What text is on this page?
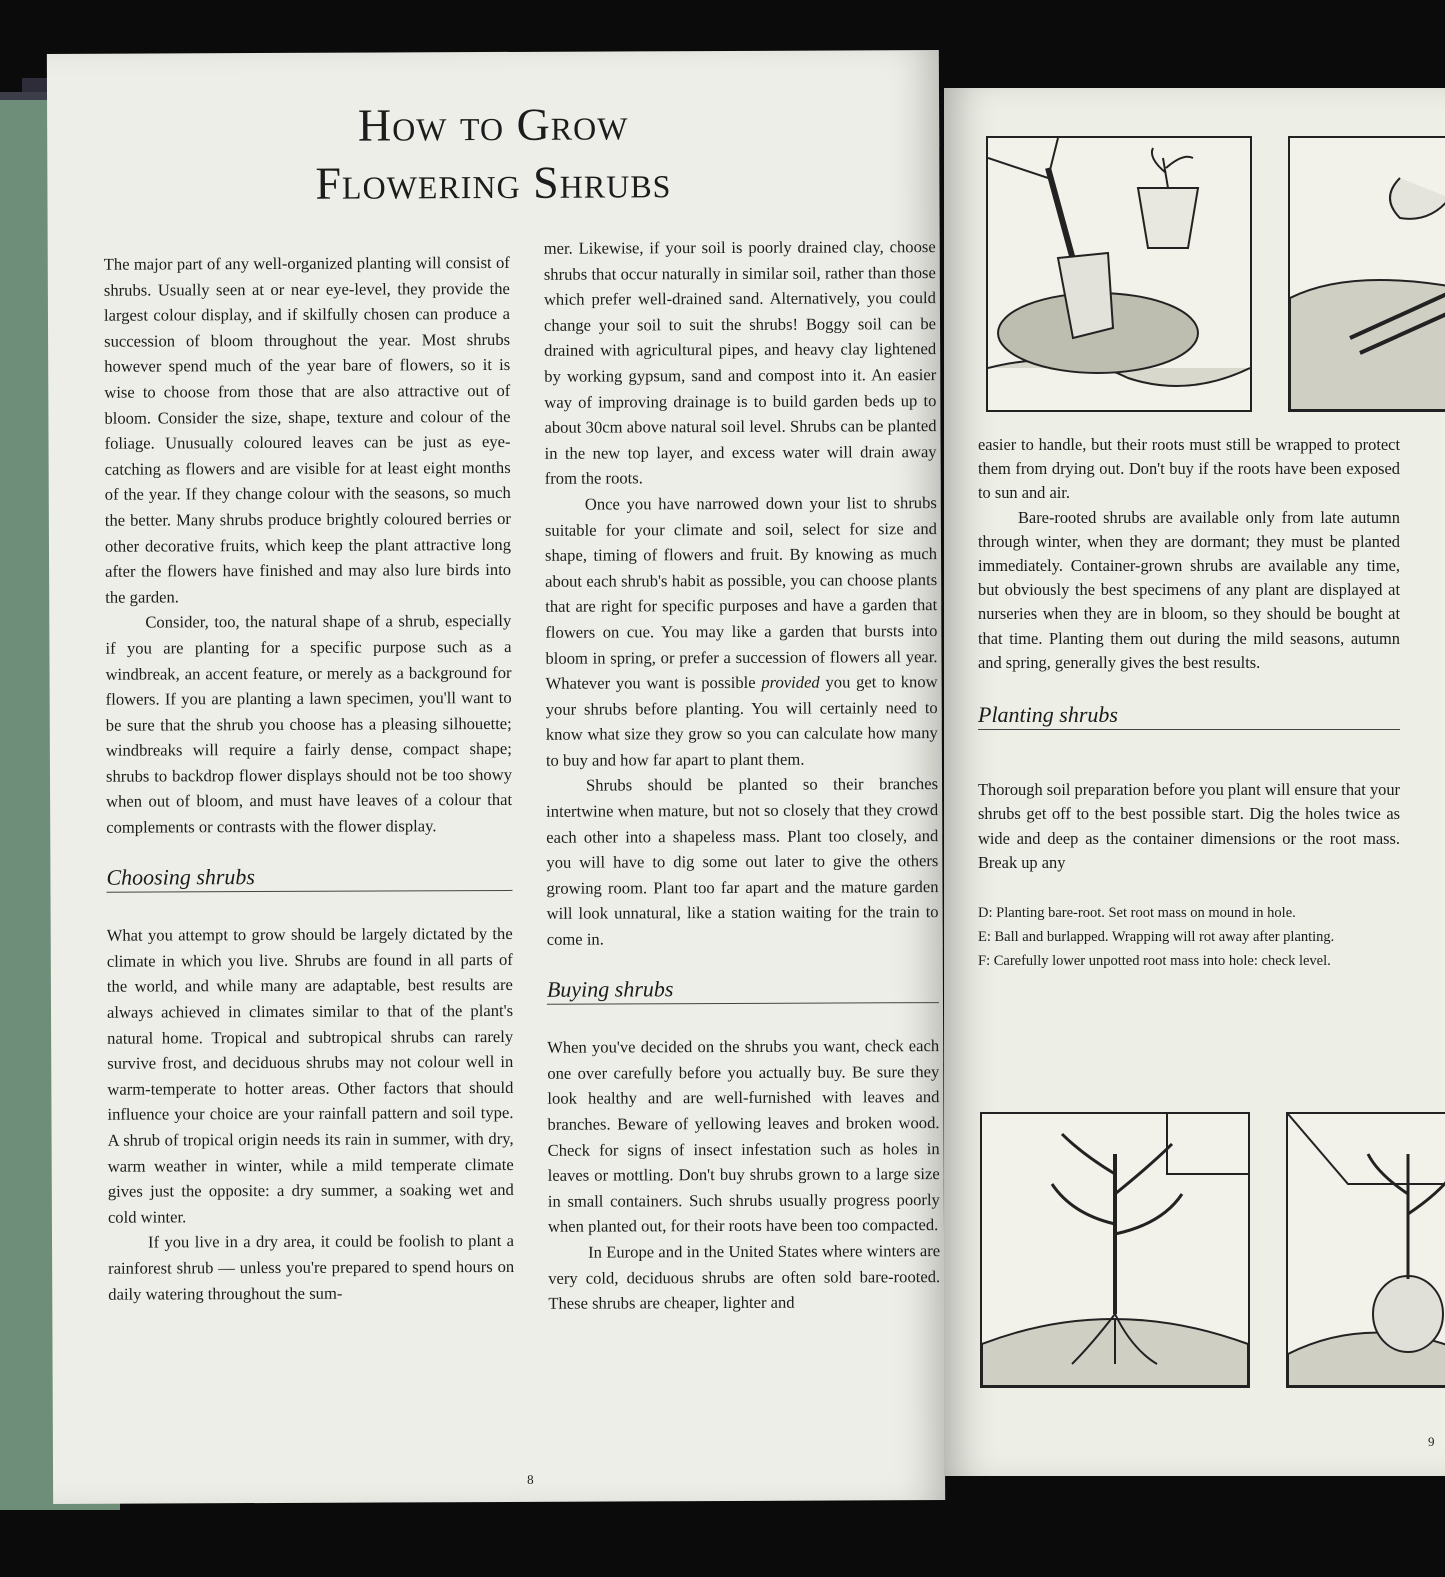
How to Grow
Flowering Shrubs

The major part of any well-organized planting will consist of shrubs. Usually seen at or near eye-level, they provide the largest colour display, and if skilfully chosen can produce a succession of bloom throughout the year. Most shrubs however spend much of the year bare of flowers, so it is wise to choose from those that are also attractive out of bloom. Consider the size, shape, texture and colour of the foliage. Unusually coloured leaves can be just as eye-catching as flowers and are visible for at least eight months of the year. If they change colour with the seasons, so much the better. Many shrubs produce brightly coloured berries or other decorative fruits, which keep the plant attractive long after the flowers have finished and may also lure birds into the garden.

Consider, too, the natural shape of a shrub, especially if you are planting for a specific purpose such as a windbreak, an accent feature, or merely as a background for flowers. If you are planting a lawn specimen, you'll want to be sure that the shrub you choose has a pleasing silhouette; windbreaks will require a fairly dense, compact shape; shrubs to backdrop flower displays should not be too showy when out of bloom, and must have leaves of a colour that complements or contrasts with the flower display.

Choosing shrubs

What you attempt to grow should be largely dictated by the climate in which you live. Shrubs are found in all parts of the world, and while many are adaptable, best results are always achieved in climates similar to that of the plant's natural home. Tropical and subtropical shrubs can rarely survive frost, and deciduous shrubs may not colour well in warm-temperate to hotter areas. Other factors that should influence your choice are your rainfall pattern and soil type. A shrub of tropical origin needs its rain in summer, with dry, warm weather in winter, while a mild temperate climate gives just the opposite: a dry summer, a soaking wet and cold winter.

If you live in a dry area, it could be foolish to plant a rainforest shrub — unless you're prepared to spend hours on daily watering throughout the sum-

mer. Likewise, if your soil is poorly drained clay, choose shrubs that occur naturally in similar soil, rather than those which prefer well-drained sand. Alternatively, you could change your soil to suit the shrubs! Boggy soil can be drained with agricultural pipes, and heavy clay lightened by working gypsum, sand and compost into it. An easier way of improving drainage is to build garden beds up to about 30cm above natural soil level. Shrubs can be planted in the new top layer, and excess water will drain away from the roots.

Once you have narrowed down your list to shrubs suitable for your climate and soil, select for size and shape, timing of flowers and fruit. By knowing as much about each shrub's habit as possible, you can choose plants that are right for specific purposes and have a garden that flowers on cue. You may like a garden that bursts into bloom in spring, or prefer a succession of flowers all year. Whatever you want is possible provided you get to know your shrubs before planting. You will certainly need to know what size they grow so you can calculate how many to buy and how far apart to plant them.

Shrubs should be planted so their branches intertwine when mature, but not so closely that they crowd each other into a shapeless mass. Plant too closely, and you will have to dig some out later to give the others growing room. Plant too far apart and the mature garden will look unnatural, like a station waiting for the train to come in.

Buying shrubs

When you've decided on the shrubs you want, check each one over carefully before you actually buy. Be sure they look healthy and are well-furnished with leaves and branches. Beware of yellowing leaves and broken wood. Check for signs of insect infestation such as holes in leaves or mottling. Don't buy shrubs grown to a large size in small containers. Such shrubs usually progress poorly when planted out, for their roots have been too compacted.

In Europe and in the United States where winters are very cold, deciduous shrubs are often sold bare-rooted. These shrubs are cheaper, lighter and

8

easier to handle, but their roots must still be wrapped to protect them from drying out. Don't buy if the roots have been exposed to sun and air.

Bare-rooted shrubs are available only from late autumn through winter, when they are dormant; they must be planted immediately. Container-grown shrubs are available any time, but obviously the best specimens of any plant are displayed at nurseries when they are in bloom, so they should be bought at that time. Planting them out during the mild seasons, autumn and spring, generally gives the best results.

Planting shrubs

Thorough soil preparation before you plant will ensure that your shrubs get off to the best possible start. Dig the holes twice as wide and deep as the container dimensions or the root mass. Break up any

D: Planting bare-root. Set root mass on mound in hole.

E: Ball and burlapped. Wrapping will rot away after planting.

F: Carefully lower unpotted root mass into hole: check level.

9
